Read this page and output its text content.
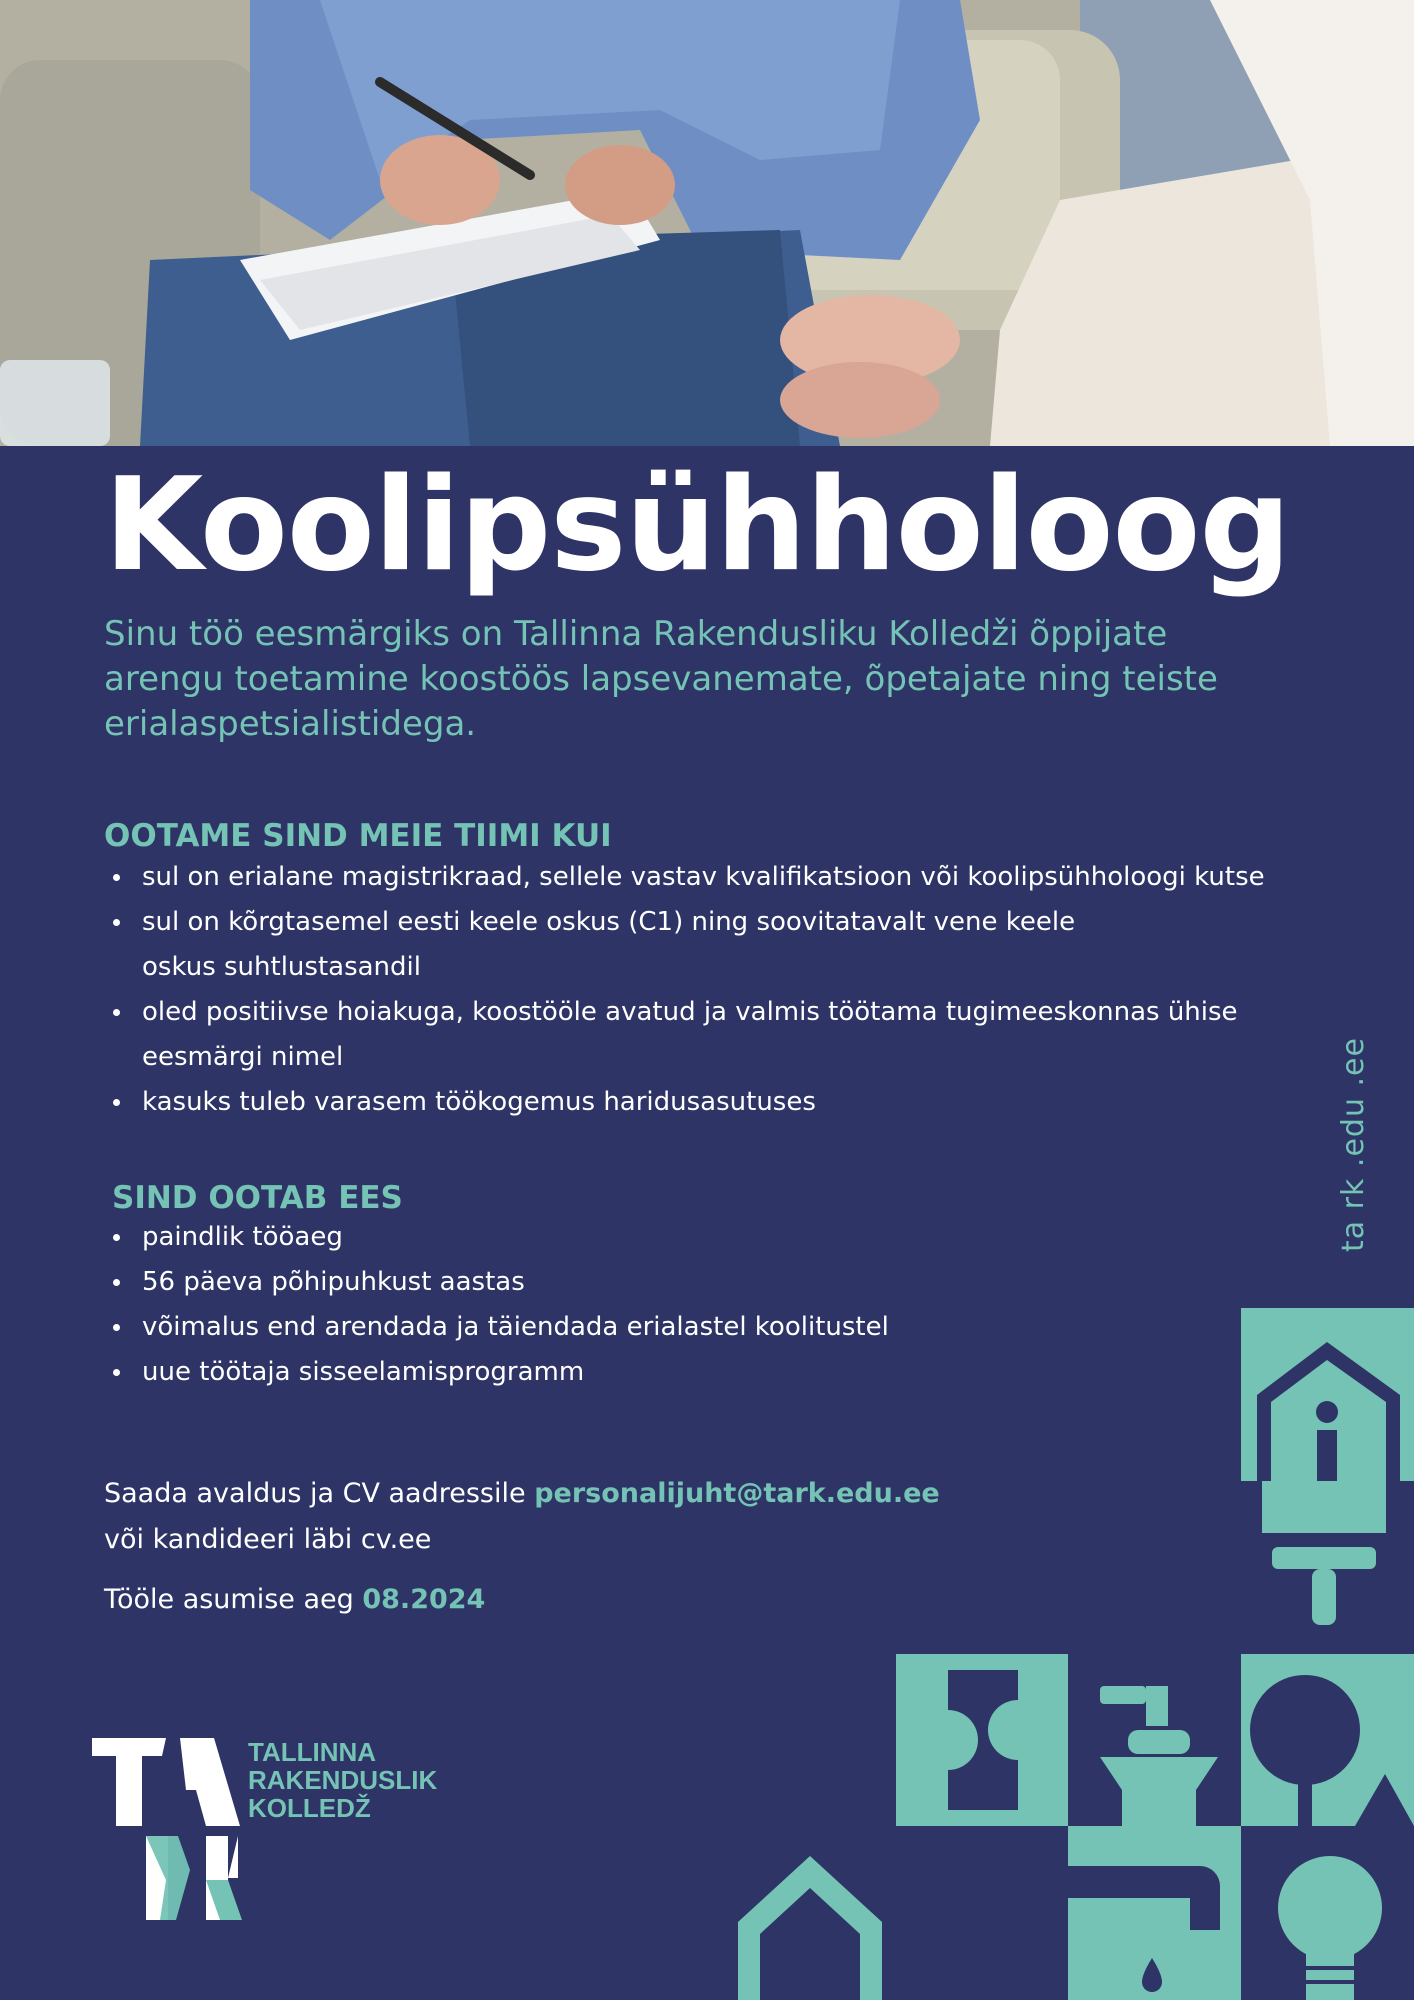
Koolipsühholoog
Sinu töö eesmärgiks on Tallinna Rakendusliku Kolledži õppijate arengu toetamine koostöös lapsevanemate, õpetajate ning teiste erialaspetsialistidega.
OOTAME SIND MEIE TIIMI KUI
sul on erialane magistrikraad, sellele vastav kvalifikatsioon või koolipsühholoogi kutse
sul on kõrgtasemel eesti keele oskus (C1) ning soovitatavalt vene keele oskus suhtlustasandil
oled positiivse hoiakuga, koostööle avatud ja valmis töötama tugimeeskonnas ühise eesmärgi nimel
kasuks tuleb varasem töökogemus haridusasutuses
SIND OOTAB EES
paindlik tööaeg
56 päeva põhipuhkust aastas
võimalus end arendada ja täiendada erialastel koolitustel
uue töötaja sisseelamisprogramm
Saada avaldus ja CV aadressile personalijuht@tark.edu.ee
või kandideeri läbi cv.ee
Tööle asumise aeg 08.2024
ta rk .edu .ee
TALLINNA
RAKENDUSLIK
KOLLEDŽ
